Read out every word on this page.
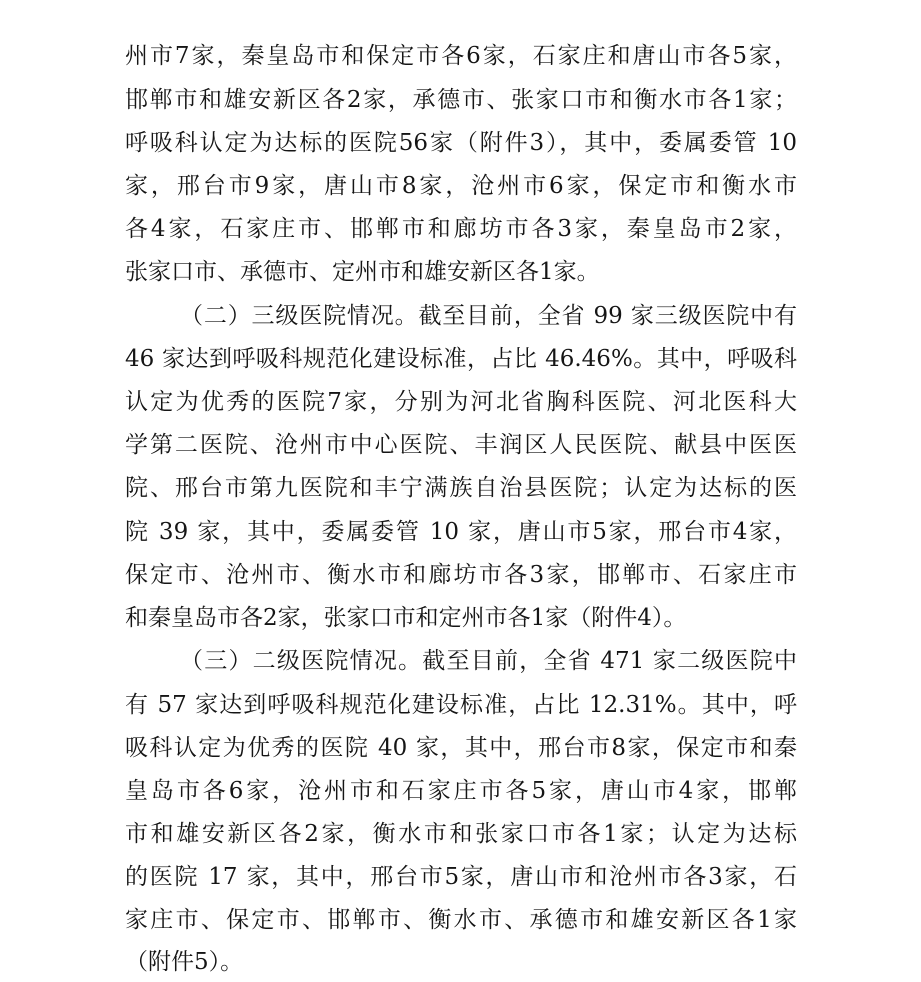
州市7家，秦皇岛市和保定市各6家，石家庄和唐山市各5家，
邯郸市和雄安新区各2家，承德市、张家口市和衡水市各1家；
呼吸科认定为达标的医院56家（附件3），其中，委属委管 10
家，邢台市9家，唐山市8家，沧州市6家，保定市和衡水市
各4家，石家庄市、邯郸市和廊坊市各3家，秦皇岛市2家，
张家口市、承德市、定州市和雄安新区各1家。
（二）三级医院情况。截至目前，全省 99 家三级医院中有
46 家达到呼吸科规范化建设标准，占比 46.46%。其中，呼吸科
认定为优秀的医院7家，分别为河北省胸科医院、河北医科大
学第二医院、沧州市中心医院、丰润区人民医院、献县中医医
院、邢台市第九医院和丰宁满族自治县医院；认定为达标的医
院 39 家，其中，委属委管 10 家，唐山市5家，邢台市4家，
保定市、沧州市、衡水市和廊坊市各3家，邯郸市、石家庄市
和秦皇岛市各2家，张家口市和定州市各1家（附件4）。
（三）二级医院情况。截至目前，全省 471 家二级医院中
有 57 家达到呼吸科规范化建设标准，占比 12.31%。其中，呼
吸科认定为优秀的医院 40 家，其中，邢台市8家，保定市和秦
皇岛市各6家，沧州市和石家庄市各5家，唐山市4家，邯郸
市和雄安新区各2家，衡水市和张家口市各1家；认定为达标
的医院 17 家，其中，邢台市5家，唐山市和沧州市各3家，石
家庄市、保定市、邯郸市、衡水市、承德市和雄安新区各1家
（附件5）。
